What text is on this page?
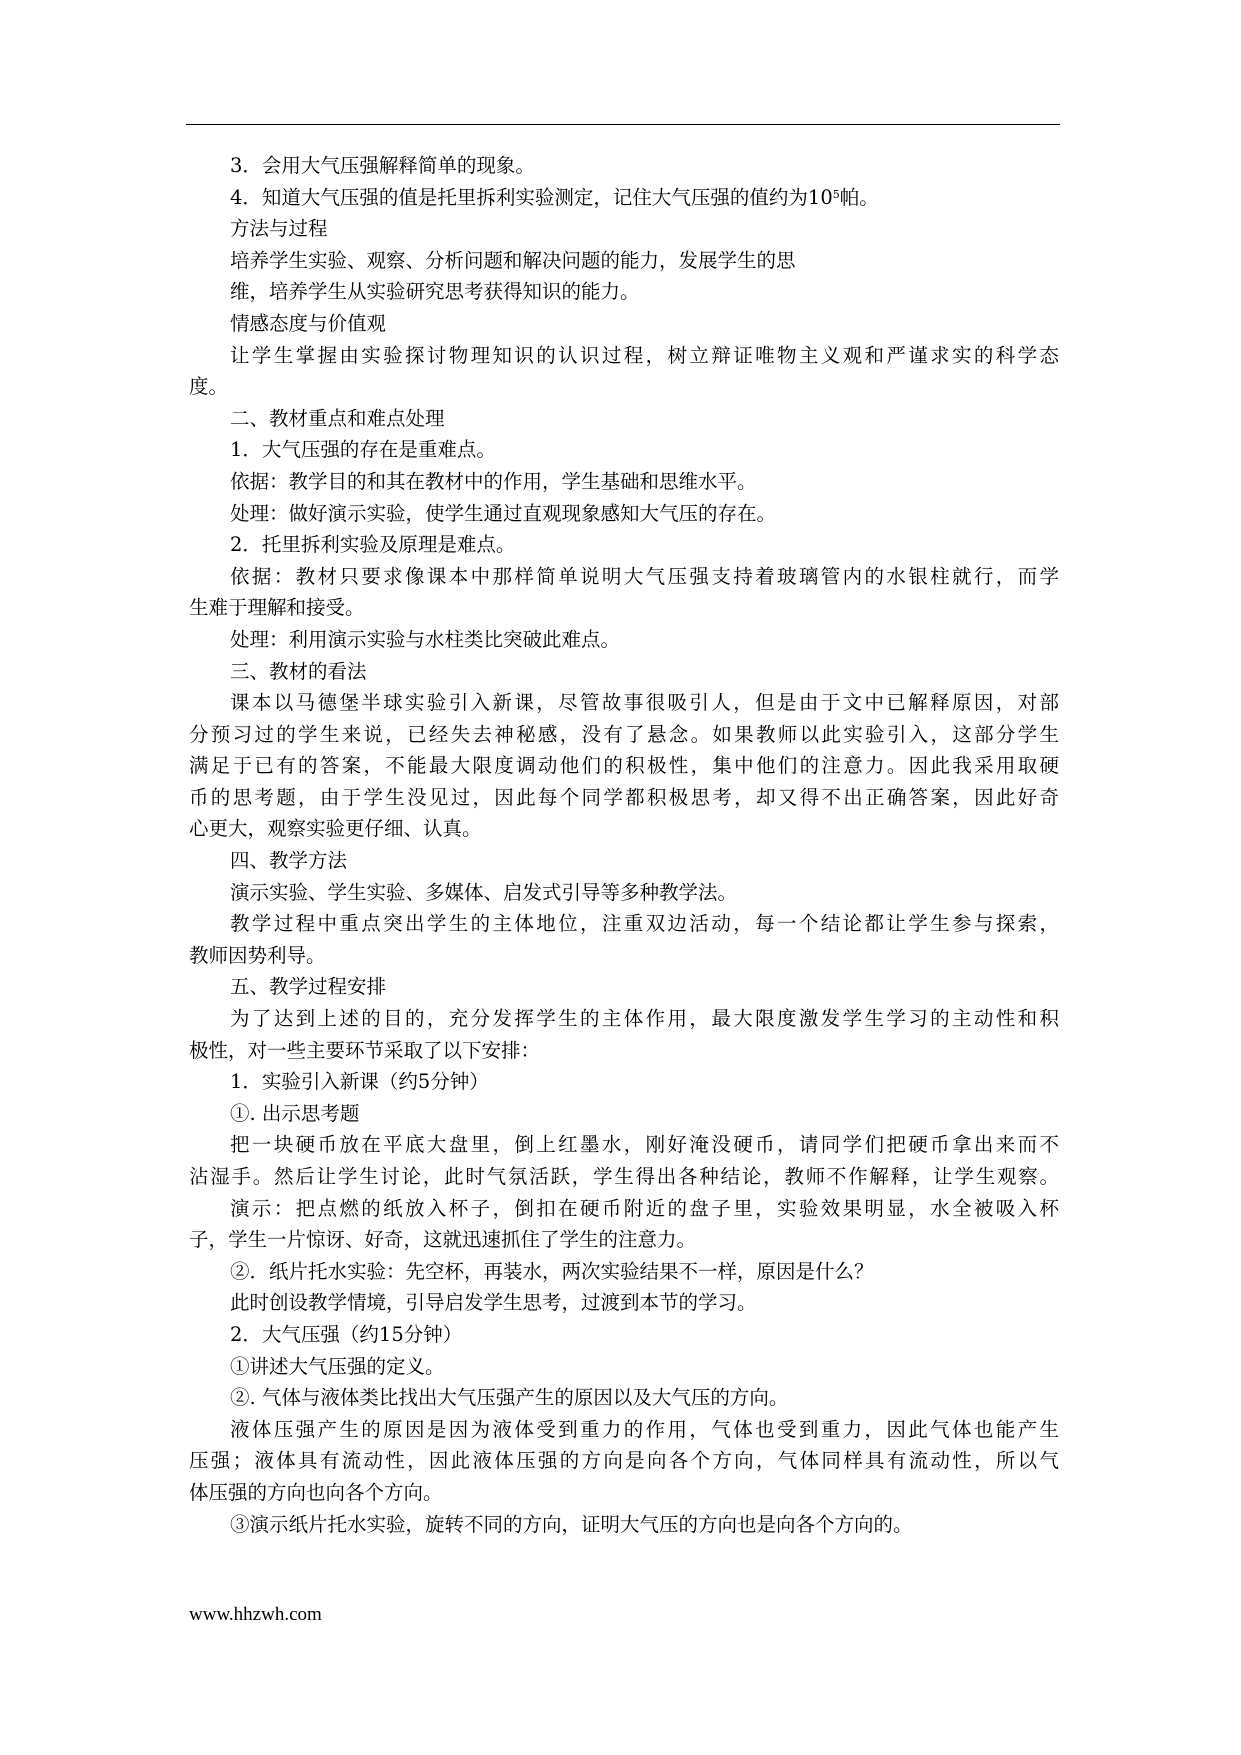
3．会用大气压强解释简单的现象。
4．知道大气压强的值是托里拆利实验测定，记住大气压强的值约为$10^5$帕。
方法与过程
培养学生实验、观察、分析问题和解决问题的能力，发展学生的思
维，培养学生从实验研究思考获得知识的能力。
情感态度与价值观
让学生掌握由实验探讨物理知识的认识过程，树立辩证唯物主义观和严谨求实的科学态
度。
二、教材重点和难点处理
1．大气压强的存在是重难点。
依据：教学目的和其在教材中的作用，学生基础和思维水平。
处理：做好演示实验，使学生通过直观现象感知大气压的存在。
2．托里拆利实验及原理是难点。
依据：教材只要求像课本中那样简单说明大气压强支持着玻璃管内的水银柱就行，而学
生难于理解和接受。
处理：利用演示实验与水柱类比突破此难点。
三、教材的看法
课本以马德堡半球实验引入新课，尽管故事很吸引人，但是由于文中已解释原因，对部
分预习过的学生来说，已经失去神秘感，没有了悬念。如果教师以此实验引入，这部分学生
满足于已有的答案，不能最大限度调动他们的积极性，集中他们的注意力。因此我采用取硬
币的思考题，由于学生没见过，因此每个同学都积极思考，却又得不出正确答案，因此好奇
心更大，观察实验更仔细、认真。
四、教学方法
演示实验、学生实验、多媒体、启发式引导等多种教学法。
教学过程中重点突出学生的主体地位，注重双边活动，每一个结论都让学生参与探索，
教师因势利导。
五、教学过程安排
为了达到上述的目的，充分发挥学生的主体作用，最大限度激发学生学习的主动性和积
极性，对一些主要环节采取了以下安排：
1．实验引入新课（约5分钟）
①. 出示思考题
把一块硬币放在平底大盘里，倒上红墨水，刚好淹没硬币，请同学们把硬币拿出来而不
沾湿手。然后让学生讨论，此时气氛活跃，学生得出各种结论，教师不作解释，让学生观察。
演示：把点燃的纸放入杯子，倒扣在硬币附近的盘子里，实验效果明显，水全被吸入杯
子，学生一片惊讶、好奇，这就迅速抓住了学生的注意力。
②．纸片托水实验：先空杯，再装水，两次实验结果不一样，原因是什么？
此时创设教学情境，引导启发学生思考，过渡到本节的学习。
2．大气压强（约15分钟）
①讲述大气压强的定义。
②. 气体与液体类比找出大气压强产生的原因以及大气压的方向。
液体压强产生的原因是因为液体受到重力的作用，气体也受到重力，因此气体也能产生
压强；液体具有流动性，因此液体压强的方向是向各个方向，气体同样具有流动性，所以气
体压强的方向也向各个方向。
③演示纸片托水实验，旋转不同的方向，证明大气压的方向也是向各个方向的。
www.hhzwh.com
